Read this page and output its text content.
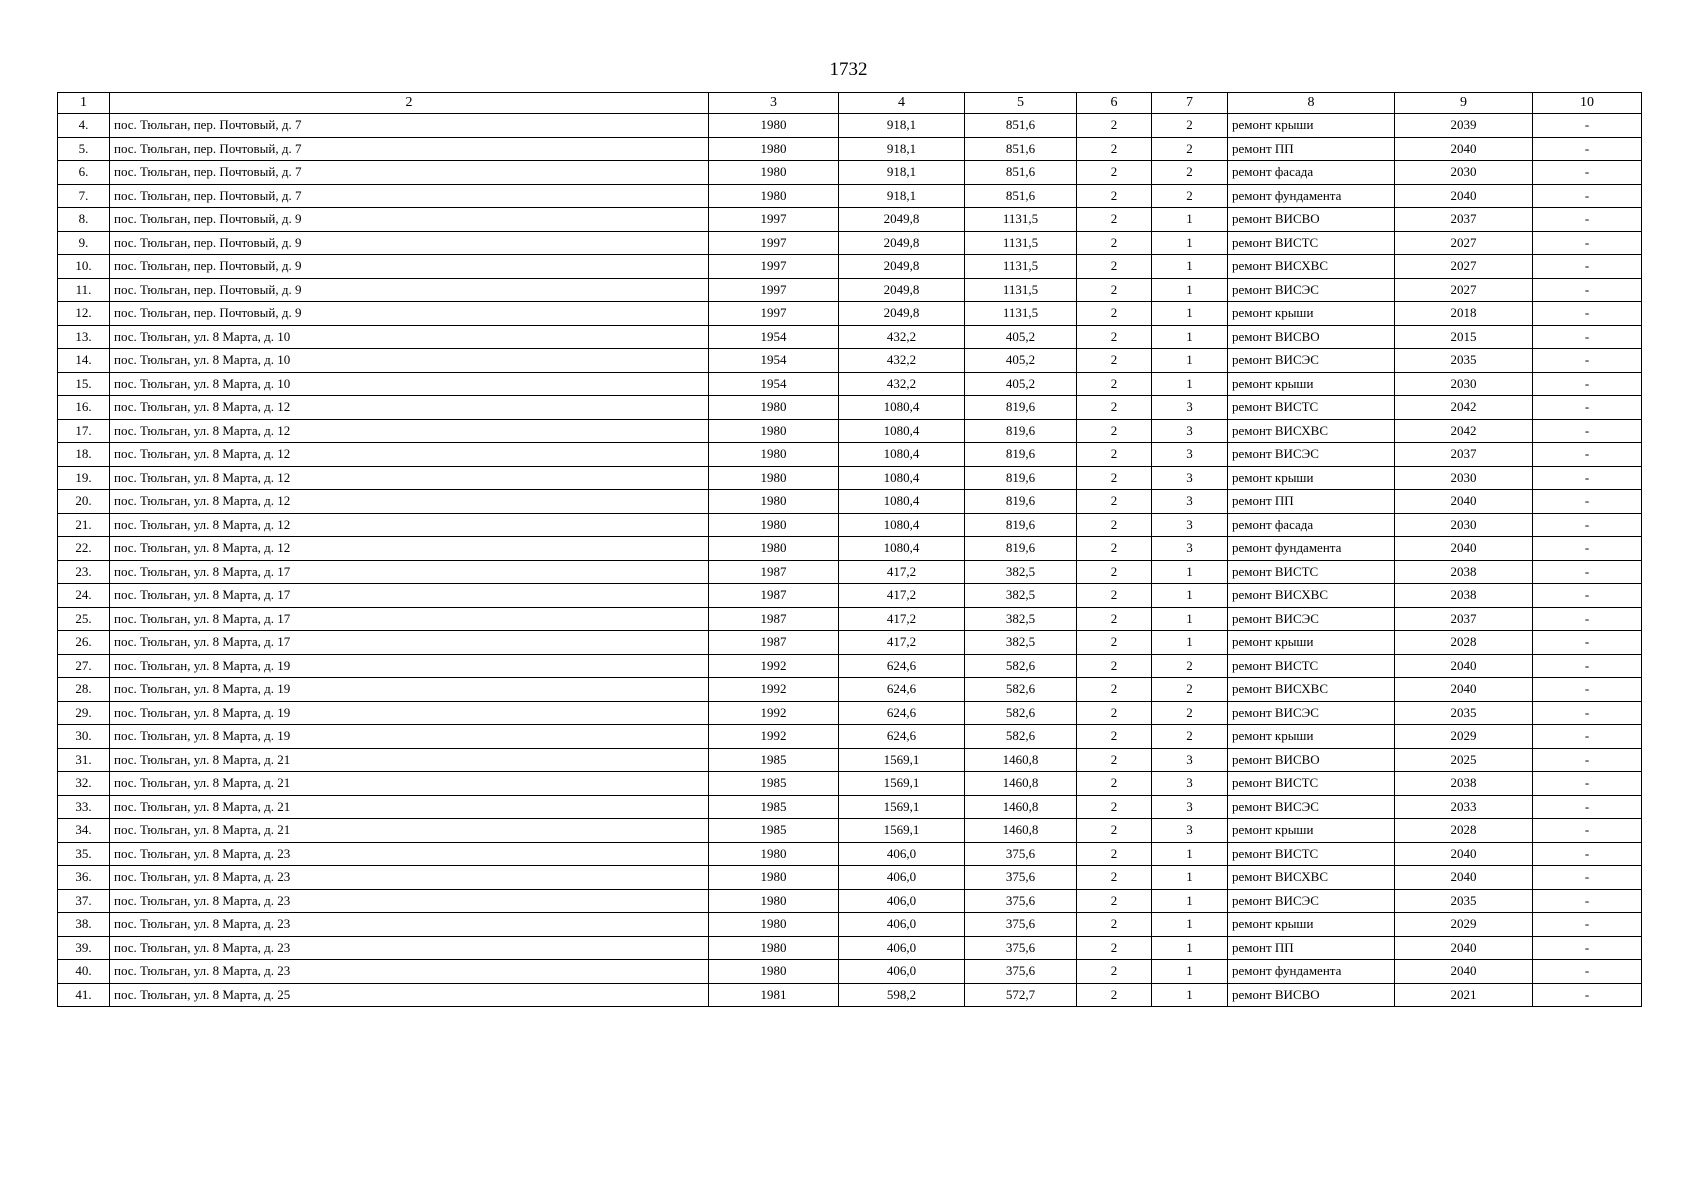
1732
1	2	3	4	5	6	7	8	9	10
4.	пос. Тюльган, пер. Почтовый, д. 7	1980	918,1	851,6	2	2	ремонт крыши	2039	-
5.	пос. Тюльган, пер. Почтовый, д. 7	1980	918,1	851,6	2	2	ремонт ПП	2040	-
6.	пос. Тюльган, пер. Почтовый, д. 7	1980	918,1	851,6	2	2	ремонт фасада	2030	-
7.	пос. Тюльган, пер. Почтовый, д. 7	1980	918,1	851,6	2	2	ремонт фундамента	2040	-
8.	пос. Тюльган, пер. Почтовый, д. 9	1997	2049,8	1131,5	2	1	ремонт ВИСВО	2037	-
9.	пос. Тюльган, пер. Почтовый, д. 9	1997	2049,8	1131,5	2	1	ремонт ВИСТС	2027	-
10.	пос. Тюльган, пер. Почтовый, д. 9	1997	2049,8	1131,5	2	1	ремонт ВИСХВС	2027	-
11.	пос. Тюльган, пер. Почтовый, д. 9	1997	2049,8	1131,5	2	1	ремонт ВИСЭС	2027	-
12.	пос. Тюльган, пер. Почтовый, д. 9	1997	2049,8	1131,5	2	1	ремонт крыши	2018	-
13.	пос. Тюльган, ул. 8 Марта, д. 10	1954	432,2	405,2	2	1	ремонт ВИСВО	2015	-
14.	пос. Тюльган, ул. 8 Марта, д. 10	1954	432,2	405,2	2	1	ремонт ВИСЭС	2035	-
15.	пос. Тюльган, ул. 8 Марта, д. 10	1954	432,2	405,2	2	1	ремонт крыши	2030	-
16.	пос. Тюльган, ул. 8 Марта, д. 12	1980	1080,4	819,6	2	3	ремонт ВИСТС	2042	-
17.	пос. Тюльган, ул. 8 Марта, д. 12	1980	1080,4	819,6	2	3	ремонт ВИСХВС	2042	-
18.	пос. Тюльган, ул. 8 Марта, д. 12	1980	1080,4	819,6	2	3	ремонт ВИСЭС	2037	-
19.	пос. Тюльган, ул. 8 Марта, д. 12	1980	1080,4	819,6	2	3	ремонт крыши	2030	-
20.	пос. Тюльган, ул. 8 Марта, д. 12	1980	1080,4	819,6	2	3	ремонт ПП	2040	-
21.	пос. Тюльган, ул. 8 Марта, д. 12	1980	1080,4	819,6	2	3	ремонт фасада	2030	-
22.	пос. Тюльган, ул. 8 Марта, д. 12	1980	1080,4	819,6	2	3	ремонт фундамента	2040	-
23.	пос. Тюльган, ул. 8 Марта, д. 17	1987	417,2	382,5	2	1	ремонт ВИСТС	2038	-
24.	пос. Тюльган, ул. 8 Марта, д. 17	1987	417,2	382,5	2	1	ремонт ВИСХВС	2038	-
25.	пос. Тюльган, ул. 8 Марта, д. 17	1987	417,2	382,5	2	1	ремонт ВИСЭС	2037	-
26.	пос. Тюльган, ул. 8 Марта, д. 17	1987	417,2	382,5	2	1	ремонт крыши	2028	-
27.	пос. Тюльган, ул. 8 Марта, д. 19	1992	624,6	582,6	2	2	ремонт ВИСТС	2040	-
28.	пос. Тюльган, ул. 8 Марта, д. 19	1992	624,6	582,6	2	2	ремонт ВИСХВС	2040	-
29.	пос. Тюльган, ул. 8 Марта, д. 19	1992	624,6	582,6	2	2	ремонт ВИСЭС	2035	-
30.	пос. Тюльган, ул. 8 Марта, д. 19	1992	624,6	582,6	2	2	ремонт крыши	2029	-
31.	пос. Тюльган, ул. 8 Марта, д. 21	1985	1569,1	1460,8	2	3	ремонт ВИСВО	2025	-
32.	пос. Тюльган, ул. 8 Марта, д. 21	1985	1569,1	1460,8	2	3	ремонт ВИСТС	2038	-
33.	пос. Тюльган, ул. 8 Марта, д. 21	1985	1569,1	1460,8	2	3	ремонт ВИСЭС	2033	-
34.	пос. Тюльган, ул. 8 Марта, д. 21	1985	1569,1	1460,8	2	3	ремонт крыши	2028	-
35.	пос. Тюльган, ул. 8 Марта, д. 23	1980	406,0	375,6	2	1	ремонт ВИСТС	2040	-
36.	пос. Тюльган, ул. 8 Марта, д. 23	1980	406,0	375,6	2	1	ремонт ВИСХВС	2040	-
37.	пос. Тюльган, ул. 8 Марта, д. 23	1980	406,0	375,6	2	1	ремонт ВИСЭС	2035	-
38.	пос. Тюльган, ул. 8 Марта, д. 23	1980	406,0	375,6	2	1	ремонт крыши	2029	-
39.	пос. Тюльган, ул. 8 Марта, д. 23	1980	406,0	375,6	2	1	ремонт ПП	2040	-
40.	пос. Тюльган, ул. 8 Марта, д. 23	1980	406,0	375,6	2	1	ремонт фундамента	2040	-
41.	пос. Тюльган, ул. 8 Марта, д. 25	1981	598,2	572,7	2	1	ремонт ВИСВО	2021	-
